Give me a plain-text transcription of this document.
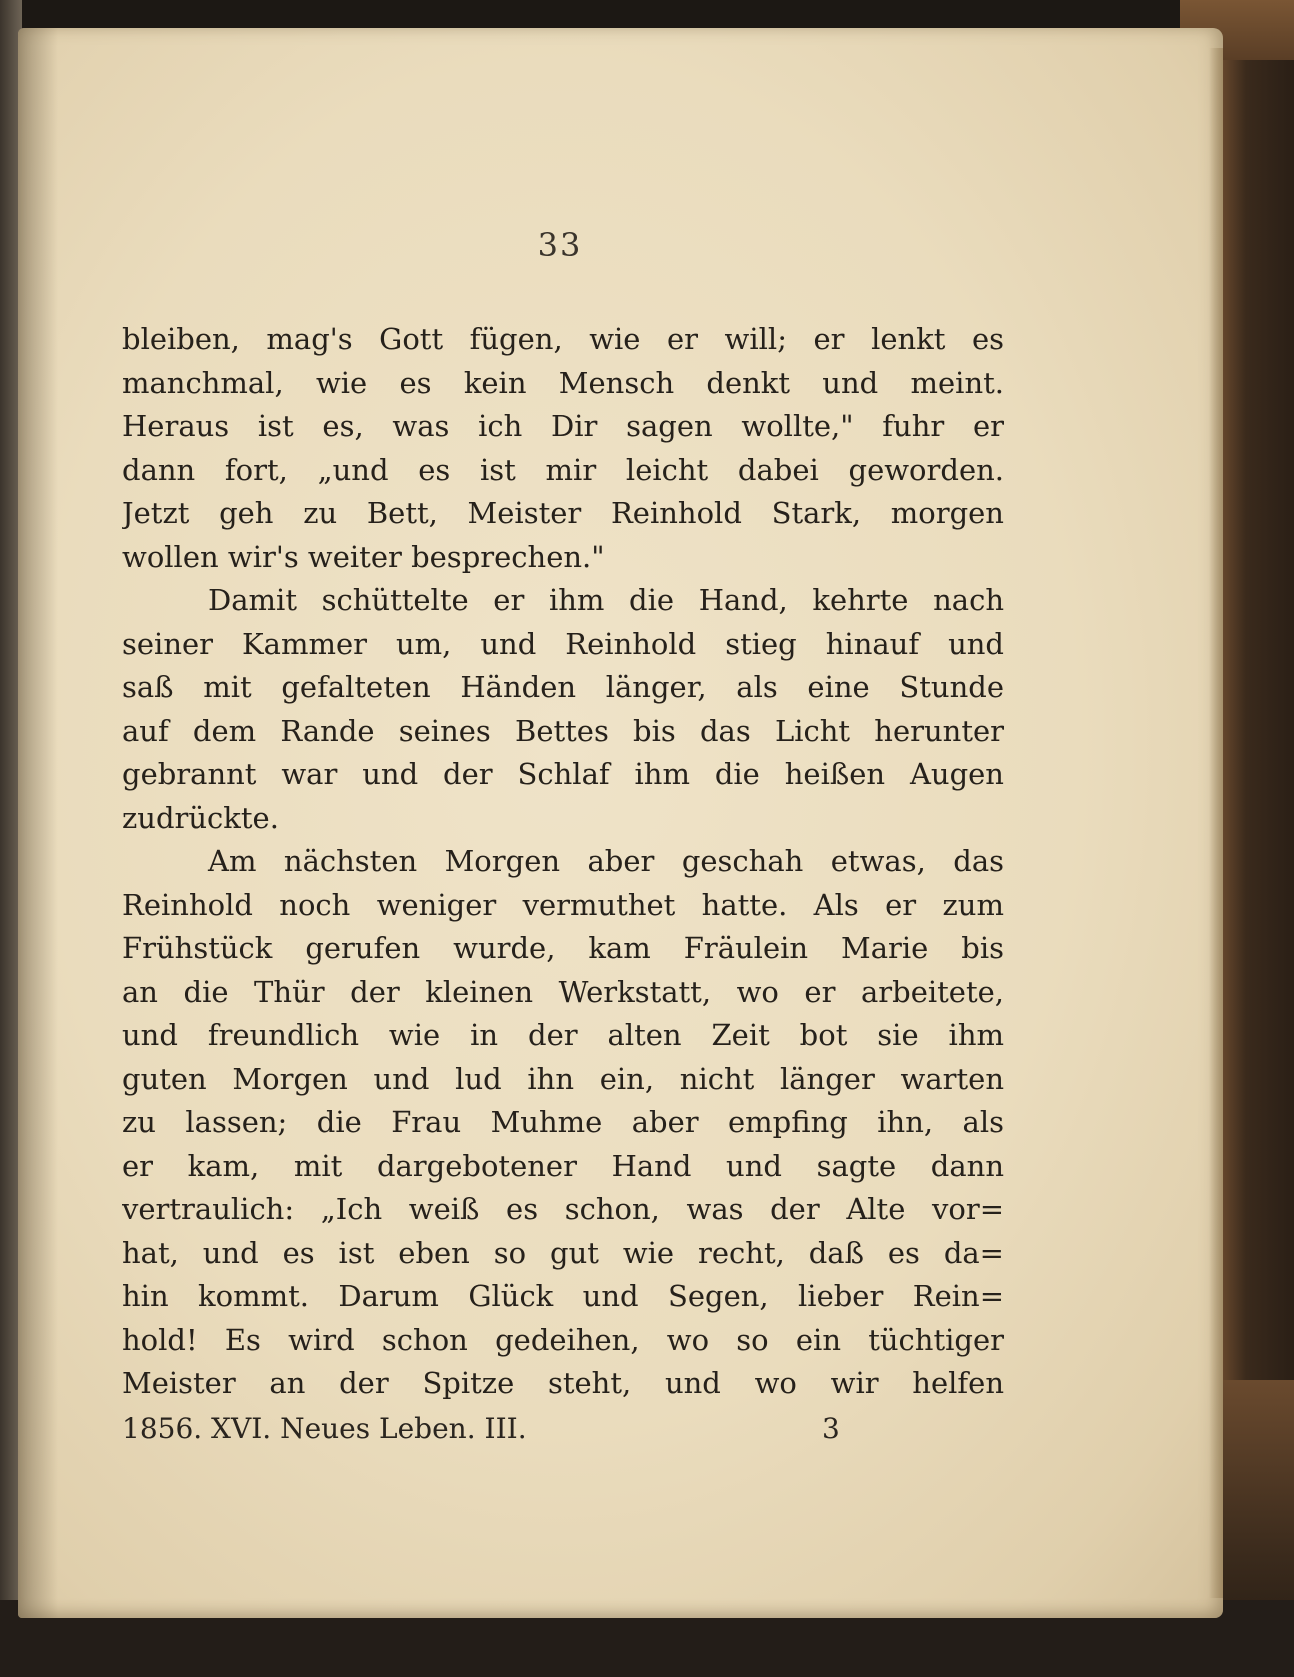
33
bleiben, mag's Gott fügen, wie er will; er lenkt es
manchmal, wie es kein Mensch denkt und meint.
Heraus ist es, was ich Dir sagen wollte," fuhr er
dann fort, „und es ist mir leicht dabei geworden.
Jetzt geh zu Bett, Meister Reinhold Stark, morgen
wollen wir's weiter besprechen."
Damit schüttelte er ihm die Hand, kehrte nach
seiner Kammer um, und Reinhold stieg hinauf und
saß mit gefalteten Händen länger, als eine Stunde
auf dem Rande seines Bettes bis das Licht herunter
gebrannt war und der Schlaf ihm die heißen Augen
zudrückte.
Am nächsten Morgen aber geschah etwas, das
Reinhold noch weniger vermuthet hatte. Als er zum
Frühstück gerufen wurde, kam Fräulein Marie bis
an die Thür der kleinen Werkstatt, wo er arbeitete,
und freundlich wie in der alten Zeit bot sie ihm
guten Morgen und lud ihn ein, nicht länger warten
zu lassen; die Frau Muhme aber empfing ihn, als
er kam, mit dargebotener Hand und sagte dann
vertraulich: „Ich weiß es schon, was der Alte vor=
hat, und es ist eben so gut wie recht, daß es da=
hin kommt. Darum Glück und Segen, lieber Rein=
hold! Es wird schon gedeihen, wo so ein tüchtiger
Meister an der Spitze steht, und wo wir helfen
1856. XVI. Neues Leben. III.	3
